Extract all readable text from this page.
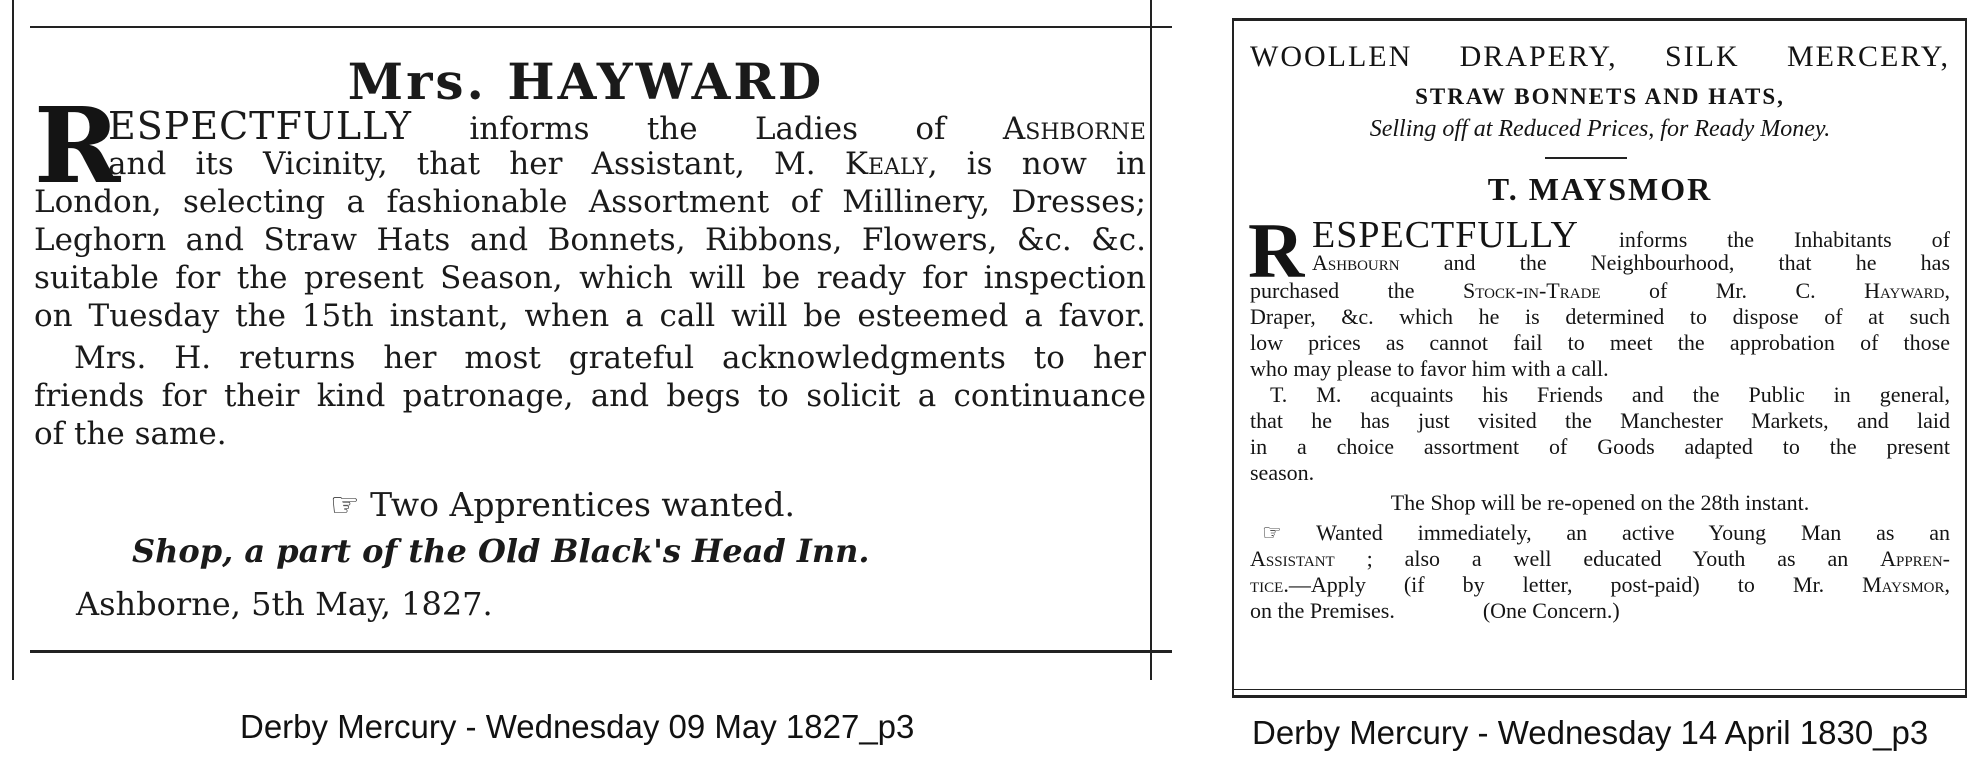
Mrs. HAYWARD
R
ESPECTFULLY informs the Ladies of Ashborne
and its Vicinity, that her Assistant, M. Kealy, is now in
London, selecting a fashionable Assortment of Millinery, Dresses;
Leghorn and Straw Hats and Bonnets, Ribbons, Flowers, &c. &c.
suitable for the present Season, which will be ready for inspection
on Tuesday the 15th instant, when a call will be esteemed a favor.
Mrs. H. returns her most grateful acknowledgments to her
friends for their kind patronage, and begs to solicit a continuance
of the same.
☞ Two Apprentices wanted.
Shop, a part of the Old Black's Head Inn.
Ashborne, 5th May, 1827.
WOOLLEN DRAPERY, SILK MERCERY,
STRAW BONNETS AND HATS,
Selling off at Reduced Prices, for Ready Money.
T. MAYSMOR
R ESPECTFULLY informs the Inhabitants of
Ashbourn and the Neighbourhood, that he has
purchased the Stock-in-Trade of Mr. C. Hayward,
Draper, &c. which he is determined to dispose of at such
low prices as cannot fail to meet the approbation of those
who may please to favor him with a call.
T. M. acquaints his Friends and the Public in general,
that he has just visited the Manchester Markets, and laid
in a choice assortment of Goods adapted to the present
season.
The Shop will be re-opened on the 28th instant.
☞ Wanted immediately, an active Young Man as an
Assistant ; also a well educated Youth as an Appren-
tice.—Apply (if by letter, post-paid) to Mr. Maysmor,
on the Premises.                (One Concern.)
Derby Mercury - Wednesday 09 May 1827_p3	Derby Mercury - Wednesday 14 April 1830_p3
